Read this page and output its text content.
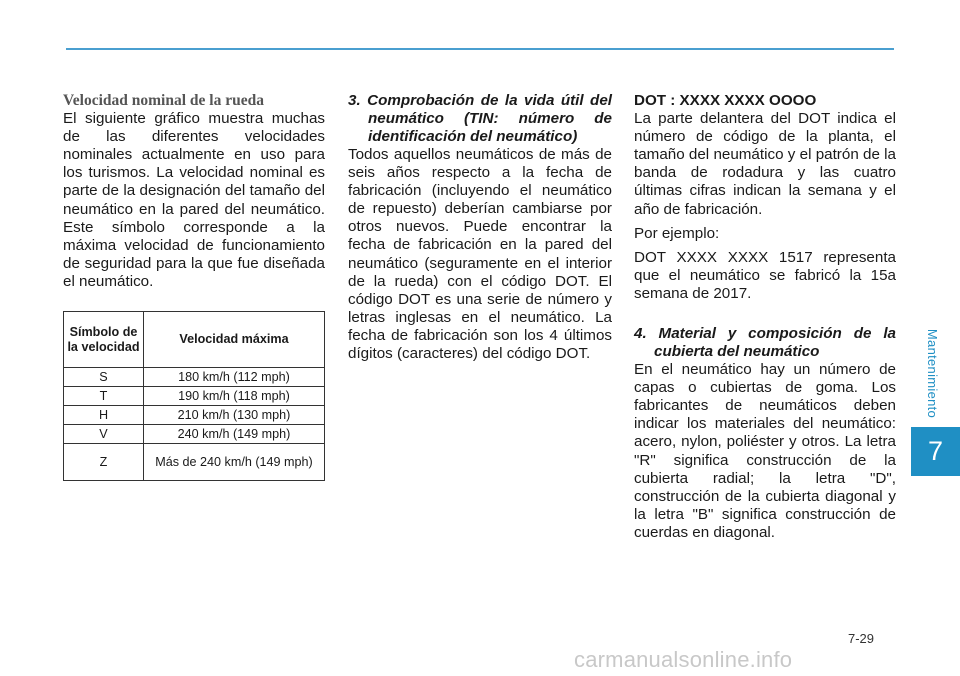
Mantenimiento
7

Velocidad nominal de la rueda

El siguiente gráfico muestra muchas de las diferentes velocidades nominales actualmente en uso para los turismos. La velocidad nominal es parte de la designación del tamaño del neumático en la pared del neumático. Este símbolo corresponde a la máxima velocidad de funcionamiento de seguridad para la que fue diseñada el neumático.

Símbolo de la velocidad	Velocidad máxima
S	180 km/h (112 mph)
T	190 km/h (118 mph)
H	210 km/h (130 mph)
V	240 km/h (149 mph)
Z	Más de 240 km/h (149 mph)

3. Comprobación de la vida útil del neumático (TIN: número de identificación del neumático)

Todos aquellos neumáticos de más de seis años respecto a la fecha de fabricación (incluyendo el neumático de repuesto) deberían cambiarse por otros nuevos. Puede encontrar la fecha de fabricación en la pared del neumático (seguramente en el interior de la rueda) con el código DOT. El código DOT es una serie de número y letras inglesas en el neumático. La fecha de fabricación son los 4 últimos dígitos (caracteres) del código DOT.

DOT : XXXX XXXX OOOO

La parte delantera del DOT indica el número de código de la planta, el tamaño del neumático y el patrón de la banda de rodadura y las cuatro últimas cifras indican la semana y el año de fabricación.

Por ejemplo:

DOT XXXX XXXX 1517 representa que el neumático se fabricó la 15a semana de 2017.

4. Material y composición de la cubierta del neumático

En el neumático hay un número de capas o cubiertas de goma. Los fabricantes de neumáticos deben indicar los materiales del neumático: acero, nylon, poliéster y otros. La letra "R" significa construcción de la cubierta radial; la letra "D", construcción de la cubierta diagonal y la letra "B" significa construcción de cuerdas en diagonal.

7-29
carmanualsonline.info
